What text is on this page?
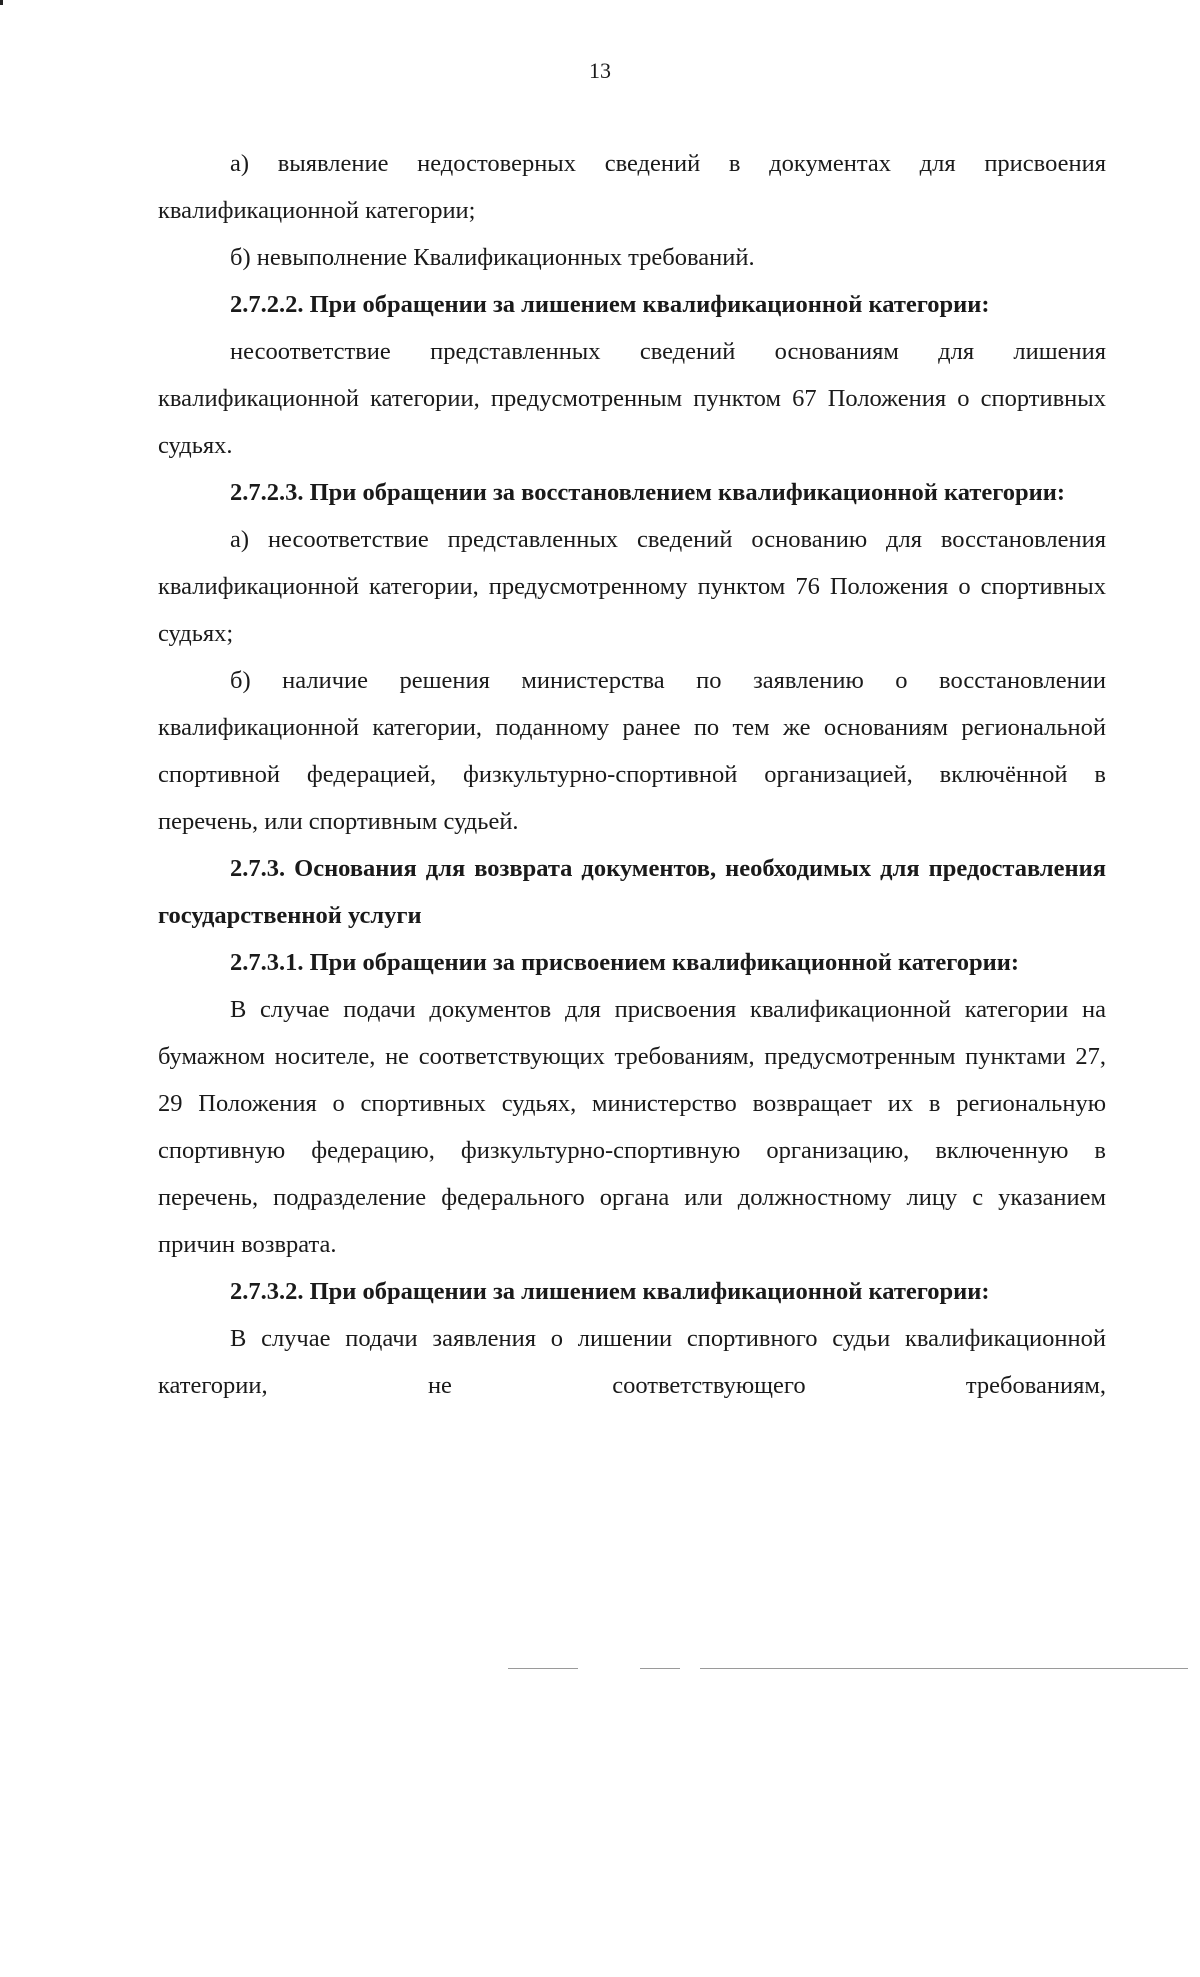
13

а) выявление недостоверных сведений в документах для присвоения квалификационной категории;

б) невыполнение Квалификационных требований.

2.7.2.2. При обращении за лишением квалификационной категории:

несоответствие представленных сведений основаниям для лишения квалификационной категории, предусмотренным пунктом 67 Положения о спортивных судьях.

2.7.2.3. При обращении за восстановлением квалификационной категории:

а) несоответствие представленных сведений основанию для восстановления квалификационной категории, предусмотренному пунктом 76 Положения о спортивных судьях;

б) наличие решения министерства по заявлению о восстановлении квалификационной категории, поданному ранее по тем же основаниям региональной спортивной федерацией, физкультурно-спортивной организацией, включённой в перечень, или спортивным судьей.

2.7.3. Основания для возврата документов, необходимых для предоставления государственной услуги

2.7.3.1. При обращении за присвоением квалификационной категории:

В случае подачи документов для присвоения квалификационной категории на бумажном носителе, не соответствующих требованиям, предусмотренным пунктами 27, 29 Положения о спортивных судьях, министерство возвращает их в региональную спортивную федерацию, физкультурно-спортивную организацию, включенную в перечень, подразделение федерального органа или должностному лицу с указанием причин возврата.

2.7.3.2. При обращении за лишением квалификационной категории:

В случае подачи заявления о лишении спортивного судьи квалификационной категории, не соответствующего требованиям,
